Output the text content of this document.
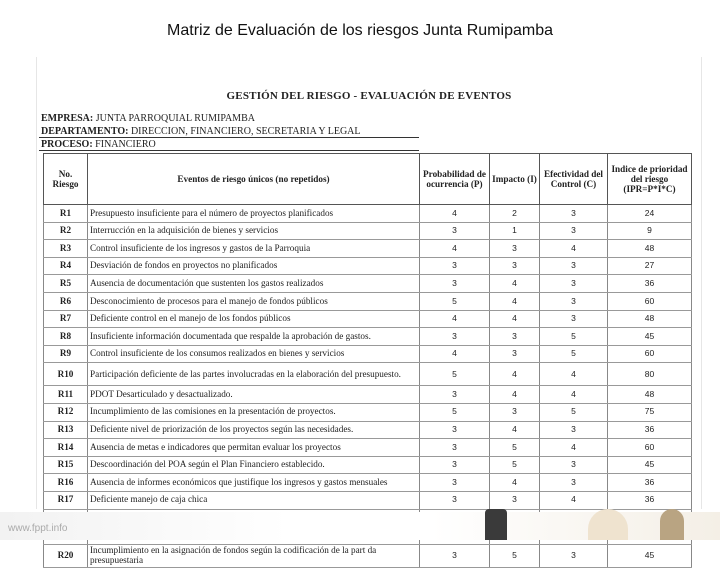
Matriz de Evaluación de los riesgos Junta Rumipamba
GESTIÓN DEL RIESGO - EVALUACIÓN DE EVENTOS
EMPRESA: JUNTA PARROQUIAL RUMIPAMBA
DEPARTAMENTO: DIRECCION, FINANCIERO, SECRETARIA Y LEGAL
PROCESO: FINANCIERO
No. Riesgo	Eventos de riesgo únicos (no repetidos)	Probabilidad de ocurrencia (P)	Impacto (I)	Efectividad del Control (C)	Indice de prioridad del riesgo (IPR=P*I*C)
R1	Presupuesto insuficiente para el número de proyectos planificados	4	2	3	24
R2	Interrucción en la adquisición de bienes y servicios	3	1	3	9
R3	Control insuficiente de los ingresos y gastos de la Parroquia	4	3	4	48
R4	Desviación de fondos en proyectos no planificados	3	3	3	27
R5	Ausencia de documentación que sustenten los gastos realizados	3	4	3	36
R6	Desconocimiento de procesos para el manejo de fondos públicos	5	4	3	60
R7	Deficiente control en el manejo de los fondos públicos	4	4	3	48
R8	Insuficiente información documentada que respalde la aprobación de gastos.	3	3	5	45
R9	Control insuficiente de los consumos realizados en bienes y servicios	4	3	5	60
R10	Participación deficiente de las partes involucradas en la elaboración del presupuesto.	5	4	4	80
R11	PDOT Desarticulado y desactualizado.	3	4	4	48
R12	Incumplimiento de las comisiones en la presentación de proyectos.	5	3	5	75
R13	Deficiente nivel de priorización de los proyectos según las necesidades.	3	4	3	36
R14	Ausencia de metas e indicadores que permitan evaluar los proyectos	3	5	4	60
R15	Descoordinación del POA según el Plan Financiero establecido.	3	5	3	45
R16	Ausencia de informes económicos que justifique los ingresos y gastos mensuales	3	4	3	36
R17	Deficiente manejo de caja chica	3	3	4	36

R20	Incumplimiento en la asignación de fondos según la codificación de la part da presupuestaria	3	5	3	45
www.fppt.info
